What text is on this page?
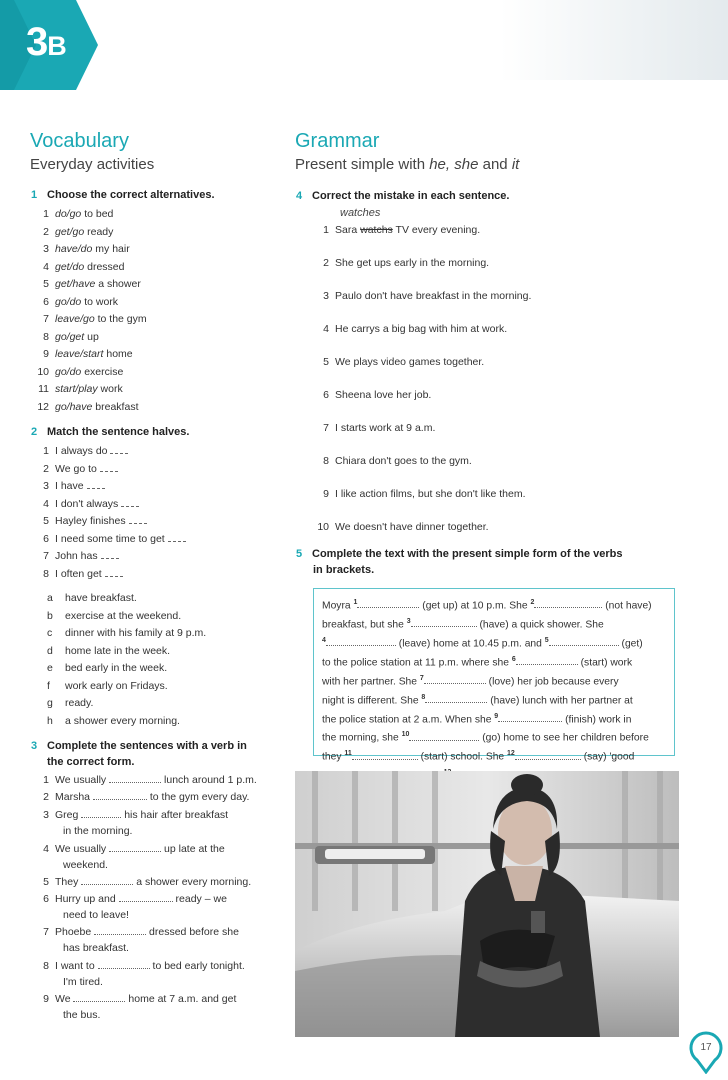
3B
Vocabulary
Everyday activities
1 Choose the correct alternatives.
1 do/go to bed
2 get/go ready
3 have/do my hair
4 get/do dressed
5 get/have a shower
6 go/do to work
7 leave/go to the gym
8 go/get up
9 leave/start home
10 go/do exercise
11 start/play work
12 go/have breakfast
2 Match the sentence halves.
1 I always do
2 We go to
3 I have
4 I don't always
5 Hayley finishes
6 I need some time to get
7 John has
8 I often get
a have breakfast.
b exercise at the weekend.
c dinner with his family at 9 p.m.
d home late in the week.
e bed early in the week.
f work early on Fridays.
g ready.
h a shower every morning.
3 Complete the sentences with a verb in
the correct form.
1 We usually	lunch around 1 p.m.
2 Marsha	to the gym every day.
3 Greg	his hair after breakfast
in the morning.
4 We usually	up late at the
weekend.
5 They	a shower every morning.
6 Hurry up and	ready – we
need to leave!
7 Phoebe	dressed before she
has breakfast.
8 I want to	to bed early tonight.
I'm tired.
9 We	home at 7 a.m. and get
the bus.
Grammar
Present simple with he, she and it
4 Correct the mistake in each sentence.
watches
1 Sara watchs TV every evening.
2 She get ups early in the morning.
3 Paulo don't have breakfast in the morning.
4 He carrys a big bag with him at work.
5 We plays video games together.
6 Sheena love her job.
7 I starts work at 9 a.m.
8 Chiara don't goes to the gym.
9 I like action films, but she don't like them.
10 We doesn't have dinner together.
5 Complete the text with the present simple form of the verbs
in brackets.
Moyra $^1$	(get up) at 10 p.m. She $^2$	(not have)
breakfast, but she $^3$	(have) a quick shower. She
$^4$	(leave) home at 10.45 p.m. and $^5$	(get)
to the police station at 11 p.m. where she $^6$	(start) work
with her partner. She $^7$	(love) her job because every
night is different. She $^8$	(have) lunch with her partner at
the police station at 2 a.m. When she $^9$	(finish) work in
the morning, she $^{10}$	(go) home to see her children before
they $^{11}$	(start) school. She $^{12}$	(say) 'good
17
